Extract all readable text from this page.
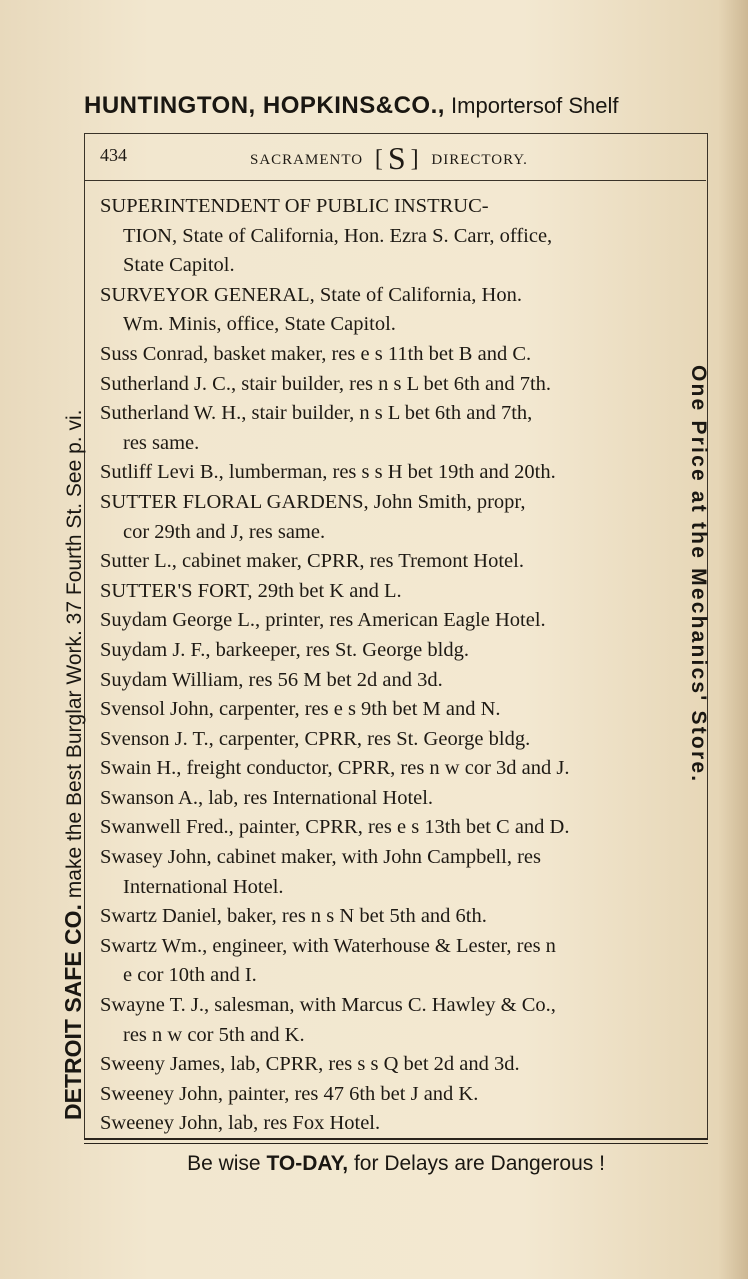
HUNTINGTON, HOPKINS&CO., Importersof Shelf
434	SACRAMENTO  [ S ]  DIRECTORY.
SUPERINTENDENT OF PUBLIC INSTRUC-
TION, State of California, Hon. Ezra S. Carr, office,
State Capitol.
SURVEYOR GENERAL, State of California, Hon.
Wm. Minis, office, State Capitol.
Suss Conrad, basket maker, res e s 11th bet B and C.
Sutherland J. C., stair builder, res n s L bet 6th and 7th.
Sutherland W. H., stair builder, n s L bet 6th and 7th,
res same.
Sutliff Levi B., lumberman, res s s H bet 19th and 20th.
SUTTER FLORAL GARDENS, John Smith, propr,
cor 29th and J, res same.
Sutter L., cabinet maker, CPRR, res Tremont Hotel.
SUTTER'S FORT, 29th bet K and L.
Suydam George L., printer, res American Eagle Hotel.
Suydam J. F., barkeeper, res St. George bldg.
Suydam William, res 56 M bet 2d and 3d.
Svensol John, carpenter, res e s 9th bet M and N.
Svenson J. T., carpenter, CPRR, res St. George bldg.
Swain H., freight conductor, CPRR, res n w cor 3d and J.
Swanson A., lab, res International Hotel.
Swanwell Fred., painter, CPRR, res e s 13th bet C and D.
Swasey John, cabinet maker, with John Campbell, res
International Hotel.
Swartz Daniel, baker, res n s N bet 5th and 6th.
Swartz Wm., engineer, with Waterhouse & Lester, res n
e cor 10th and I.
Swayne T. J., salesman, with Marcus C. Hawley & Co.,
res n w cor 5th and K.
Sweeny James, lab, CPRR, res s s Q bet 2d and 3d.
Sweeney John, painter, res 47 6th bet J and K.
Sweeney John, lab, res Fox Hotel.
DETROIT SAFE CO. make the Best Burglar Work. 37 Fourth St. See p. vi.	One Price at the Mechanics' Store.
Be wise TO-DAY, for Delays are Dangerous !
